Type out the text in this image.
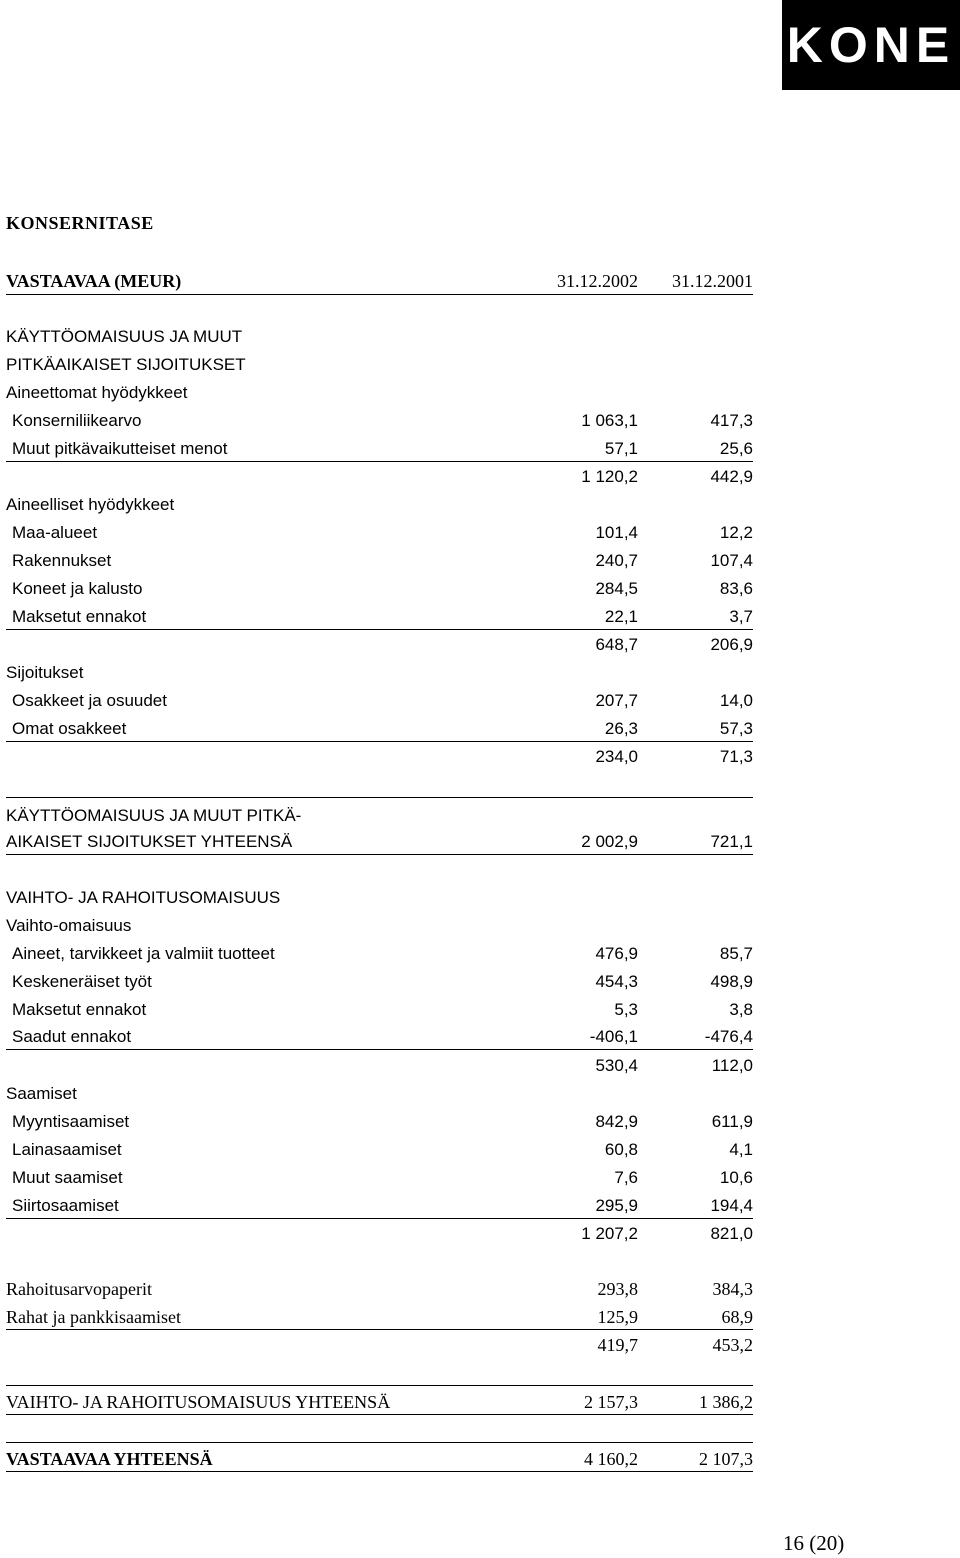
KONE
KONSERNITASE
VASTAAVAA (MEUR)	31.12.2002 31.12.2001
KÄYTTÖOMAISUUS JA MUUT
PITKÄAIKAISET SIJOITUKSET
Aineettomat hyödykkeet
Konserniliikearvo	1 063,1	417,3
Muut pitkävaikutteiset menot	57,1	25,6
1 120,2	442,9
Aineelliset hyödykkeet
Maa-alueet	101,4	12,2
Rakennukset	240,7	107,4
Koneet ja kalusto	284,5	83,6
Maksetut ennakot	22,1	3,7
648,7	206,9
Sijoitukset
Osakkeet ja osuudet	207,7	14,0
Omat osakkeet	26,3	57,3
234,0	71,3
KÄYTTÖOMAISUUS JA MUUT PITKÄ-
AIKAISET SIJOITUKSET YHTEENSÄ	2 002,9	721,1
VAIHTO- JA RAHOITUSOMAISUUS
Vaihto-omaisuus
Aineet, tarvikkeet ja valmiit tuotteet	476,9	85,7
Keskeneräiset työt	454,3	498,9
Maksetut ennakot	5,3	3,8
Saadut ennakot	-406,1	-476,4
530,4	112,0
Saamiset
Myyntisaamiset	842,9	611,9
Lainasaamiset	60,8	4,1
Muut saamiset	7,6	10,6
Siirtosaamiset	295,9	194,4
1 207,2	821,0
Rahoitusarvopaperit	293,8	384,3
Rahat ja pankkisaamiset	125,9	68,9
419,7	453,2
VAIHTO- JA RAHOITUSOMAISUUS YHTEENSÄ	2 157,3	1 386,2
VASTAAVAA YHTEENSÄ	4 160,2	2 107,3
16 (20)
